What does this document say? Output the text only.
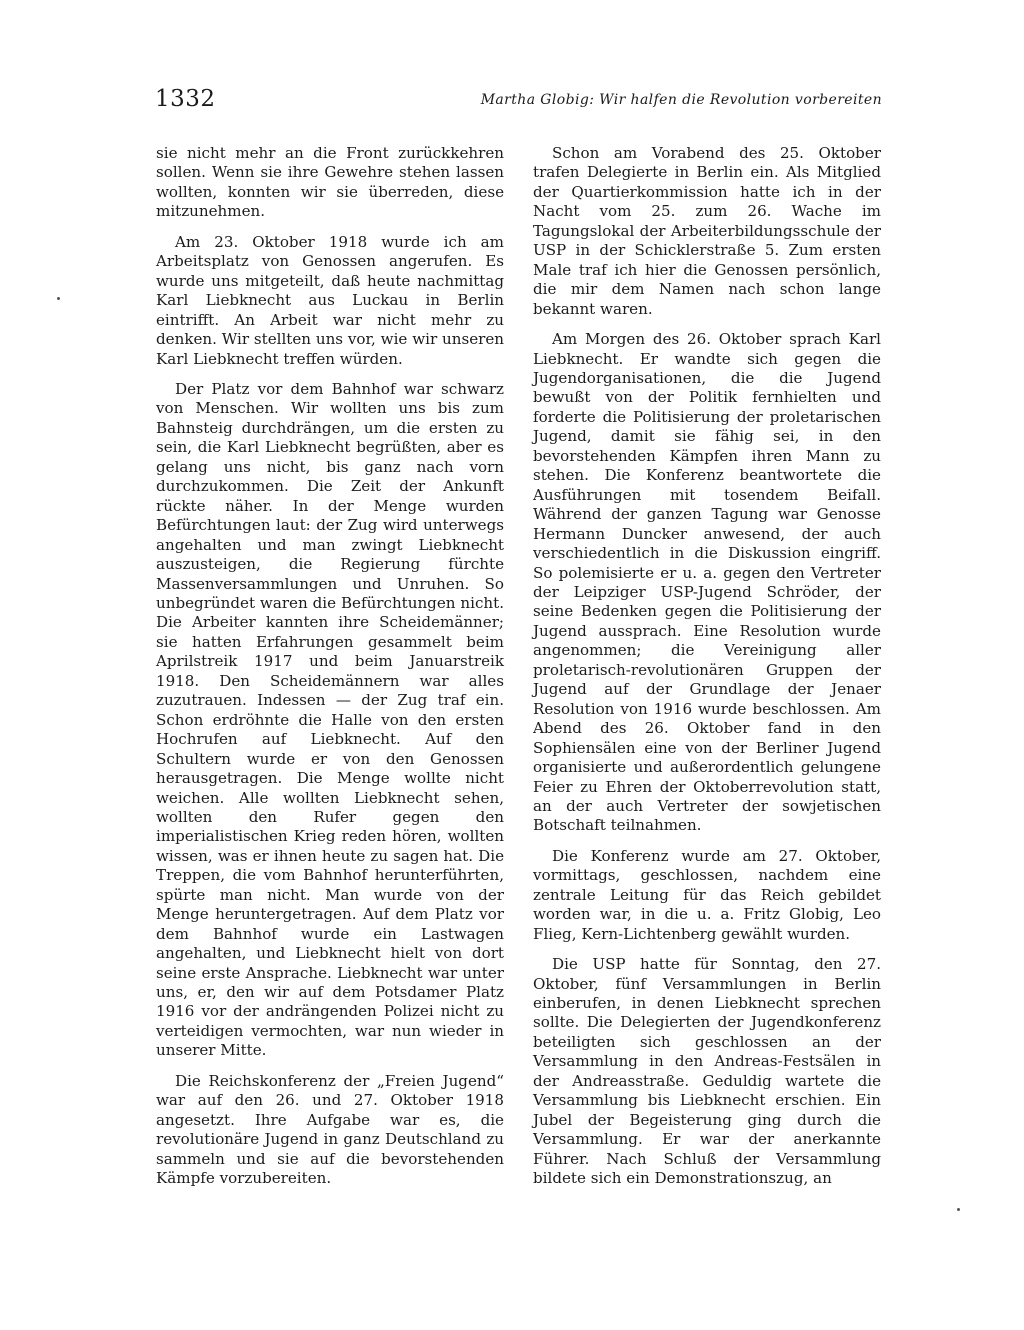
1332	Martha Globig: Wir halfen die Revolution vorbereiten

sie nicht mehr an die Front zurückkehren sollen. Wenn sie ihre Gewehre stehen lassen wollten, konnten wir sie überreden, diese mitzunehmen.

Am 23. Oktober 1918 wurde ich am Arbeitsplatz von Genossen angerufen. Es wurde uns mitgeteilt, daß heute nachmittag Karl Liebknecht aus Luckau in Berlin eintrifft. An Arbeit war nicht mehr zu denken. Wir stellten uns vor, wie wir unseren Karl Liebknecht treffen würden.

Der Platz vor dem Bahnhof war schwarz von Menschen. Wir wollten uns bis zum Bahnsteig durchdrängen, um die ersten zu sein, die Karl Liebknecht begrüßten, aber es gelang uns nicht, bis ganz nach vorn durchzukommen. Die Zeit der Ankunft rückte näher. In der Menge wurden Befürchtungen laut: der Zug wird unterwegs angehalten und man zwingt Liebknecht auszusteigen, die Regierung fürchte Massenversammlungen und Unruhen. So unbegründet waren die Befürchtungen nicht. Die Arbeiter kannten ihre Scheidemänner; sie hatten Erfahrungen gesammelt beim Aprilstreik 1917 und beim Januarstreik 1918. Den Scheidemännern war alles zuzutrauen. Indessen — der Zug traf ein. Schon erdröhnte die Halle von den ersten Hochrufen auf Liebknecht. Auf den Schultern wurde er von den Genossen herausgetragen. Die Menge wollte nicht weichen. Alle wollten Liebknecht sehen, wollten den Rufer gegen den imperialistischen Krieg reden hören, wollten wissen, was er ihnen heute zu sagen hat. Die Treppen, die vom Bahnhof herunterführten, spürte man nicht. Man wurde von der Menge heruntergetragen. Auf dem Platz vor dem Bahnhof wurde ein Lastwagen angehalten, und Liebknecht hielt von dort seine erste Ansprache. Liebknecht war unter uns, er, den wir auf dem Potsdamer Platz 1916 vor der andrängenden Polizei nicht zu verteidigen vermochten, war nun wieder in unserer Mitte.

Die Reichskonferenz der „Freien Jugend“ war auf den 26. und 27. Oktober 1918 angesetzt. Ihre Aufgabe war es, die revolutionäre Jugend in ganz Deutschland zu sammeln und sie auf die bevorstehenden Kämpfe vorzubereiten.

Schon am Vorabend des 25. Oktober trafen Delegierte in Berlin ein. Als Mitglied der Quartierkommission hatte ich in der Nacht vom 25. zum 26. Wache im Tagungslokal der Arbeiterbildungsschule der USP in der Schicklerstraße 5. Zum ersten Male traf ich hier die Genossen persönlich, die mir dem Namen nach schon lange bekannt waren.

Am Morgen des 26. Oktober sprach Karl Liebknecht. Er wandte sich gegen die Jugendorganisationen, die die Jugend bewußt von der Politik fernhielten und forderte die Politisierung der proletarischen Jugend, damit sie fähig sei, in den bevorstehenden Kämpfen ihren Mann zu stehen. Die Konferenz beantwortete die Ausführungen mit tosendem Beifall. Während der ganzen Tagung war Genosse Hermann Duncker anwesend, der auch verschiedentlich in die Diskussion eingriff. So polemisierte er u. a. gegen den Vertreter der Leipziger USP-Jugend Schröder, der seine Bedenken gegen die Politisierung der Jugend aussprach. Eine Resolution wurde angenommen; die Vereinigung aller proletarisch-revolutionären Gruppen der Jugend auf der Grundlage der Jenaer Resolution von 1916 wurde beschlossen. Am Abend des 26. Oktober fand in den Sophiensälen eine von der Berliner Jugend organisierte und außerordentlich gelungene Feier zu Ehren der Oktoberrevolution statt, an der auch Vertreter der sowjetischen Botschaft teilnahmen.

Die Konferenz wurde am 27. Oktober, vormittags, geschlossen, nachdem eine zentrale Leitung für das Reich gebildet worden war, in die u. a. Fritz Globig, Leo Flieg, Kern-Lichtenberg gewählt wurden.

Die USP hatte für Sonntag, den 27. Oktober, fünf Versammlungen in Berlin einberufen, in denen Liebknecht sprechen sollte. Die Delegierten der Jugendkonferenz beteiligten sich geschlossen an der Versammlung in den Andreas-Festsälen in der Andreasstraße. Geduldig wartete die Versammlung bis Liebknecht erschien. Ein Jubel der Begeisterung ging durch die Versammlung. Er war der anerkannte Führer. Nach Schluß der Versammlung bildete sich ein Demonstrationszug, an
